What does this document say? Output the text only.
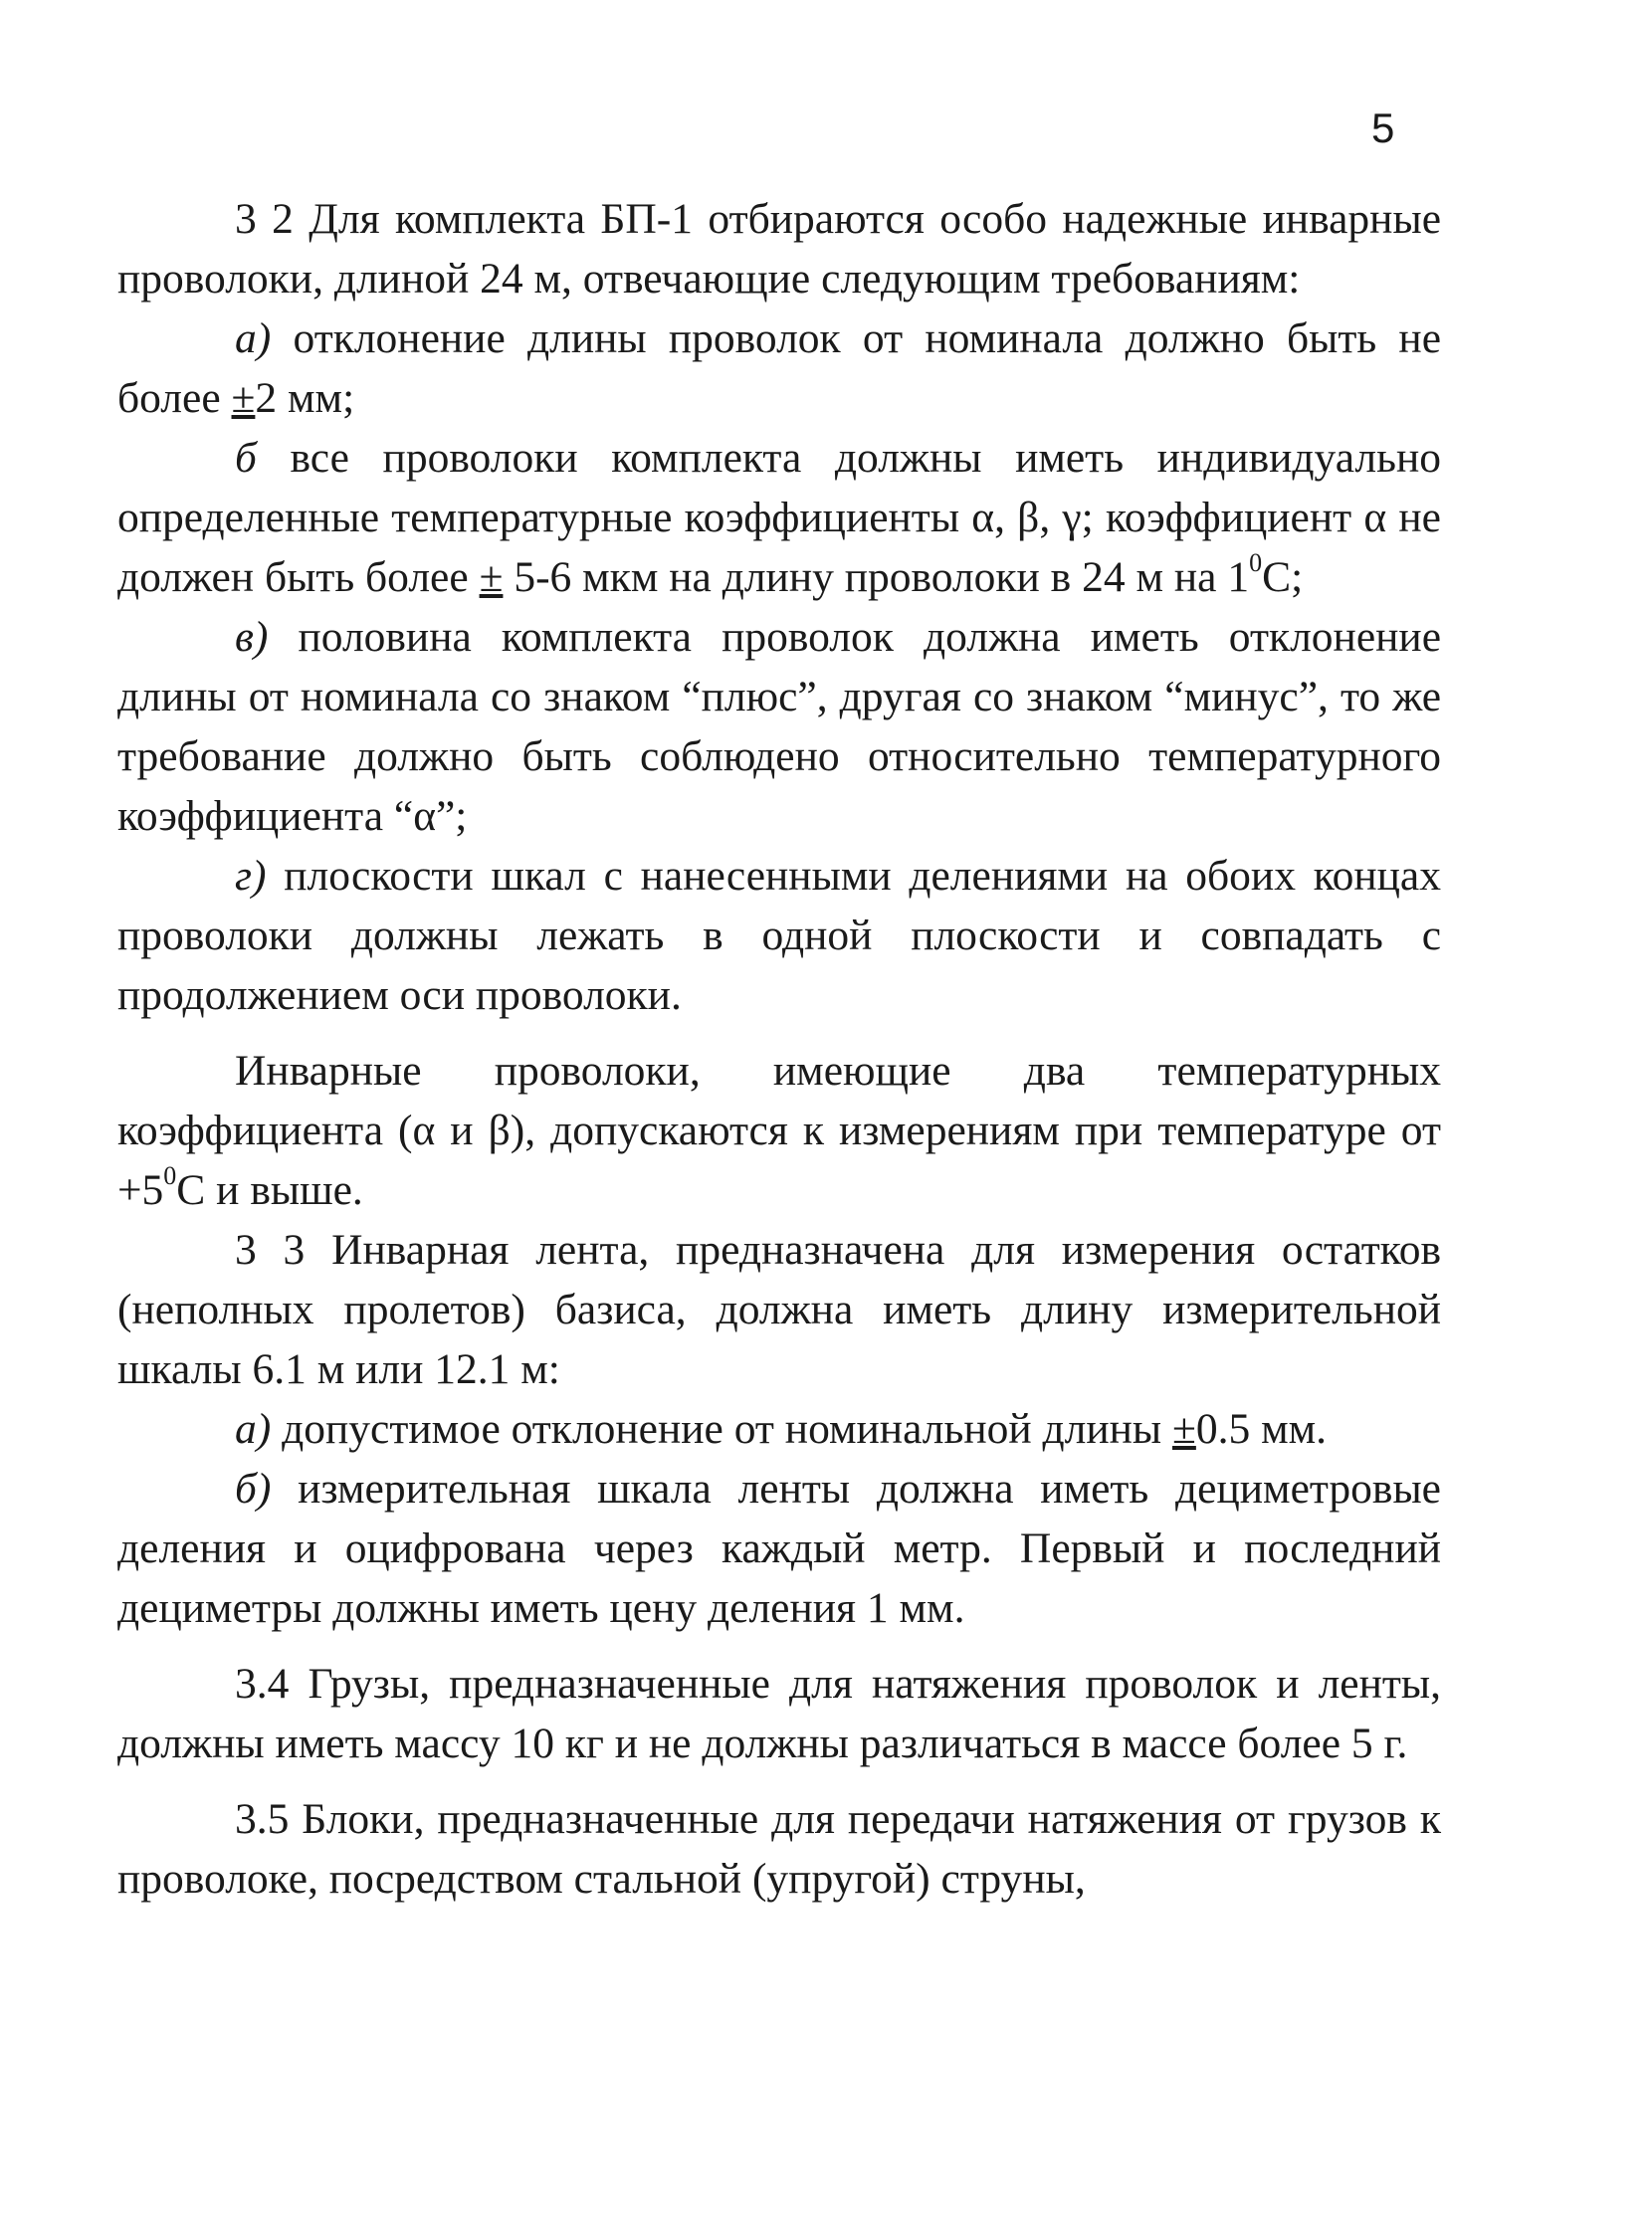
5

3 2 Для комплекта БП-1 отбираются особо надежные инварные проволоки, длиной 24 м, отвечающие следующим требованиям:

а) отклонение длины проволок от номинала должно быть не более ±2 мм;

б все проволоки комплекта должны иметь индивидуально определенные температурные коэффициенты α, β, γ; коэффициент α не должен быть более ± 5-6 мкм на длину проволоки в 24 м на $1^0С$;

в) половина комплекта проволок должна иметь отклонение длины от номинала со знаком “плюс”, другая со знаком “минус”, то же требование должно быть соблюдено относительно температурного коэффициента “α”;

г) плоскости шкал с нанесенными делениями на обоих концах проволоки должны лежать в одной плоскости и совпадать с продолжением оси проволоки.

Инварные проволоки, имеющие два температурных коэффициента (α и β), допускаются к измерениям при температуре от $+5^0С$ и выше.

3 3 Инварная лента, предназначена для измерения остатков (неполных пролетов) базиса, должна иметь длину измерительной шкалы 6.1 м или 12.1 м:

а) допустимое отклонение от номинальной длины ±0.5 мм.

б) измерительная шкала ленты должна иметь дециметровые деления и оцифрована через каждый метр. Первый и последний дециметры должны иметь цену деления 1 мм.

3.4 Грузы, предназначенные для натяжения проволок и ленты, должны иметь массу 10 кг и не должны различаться в массе более 5 г.

3.5 Блоки, предназначенные для передачи натяжения от грузов к проволоке, посредством стальной (упругой) струны,
